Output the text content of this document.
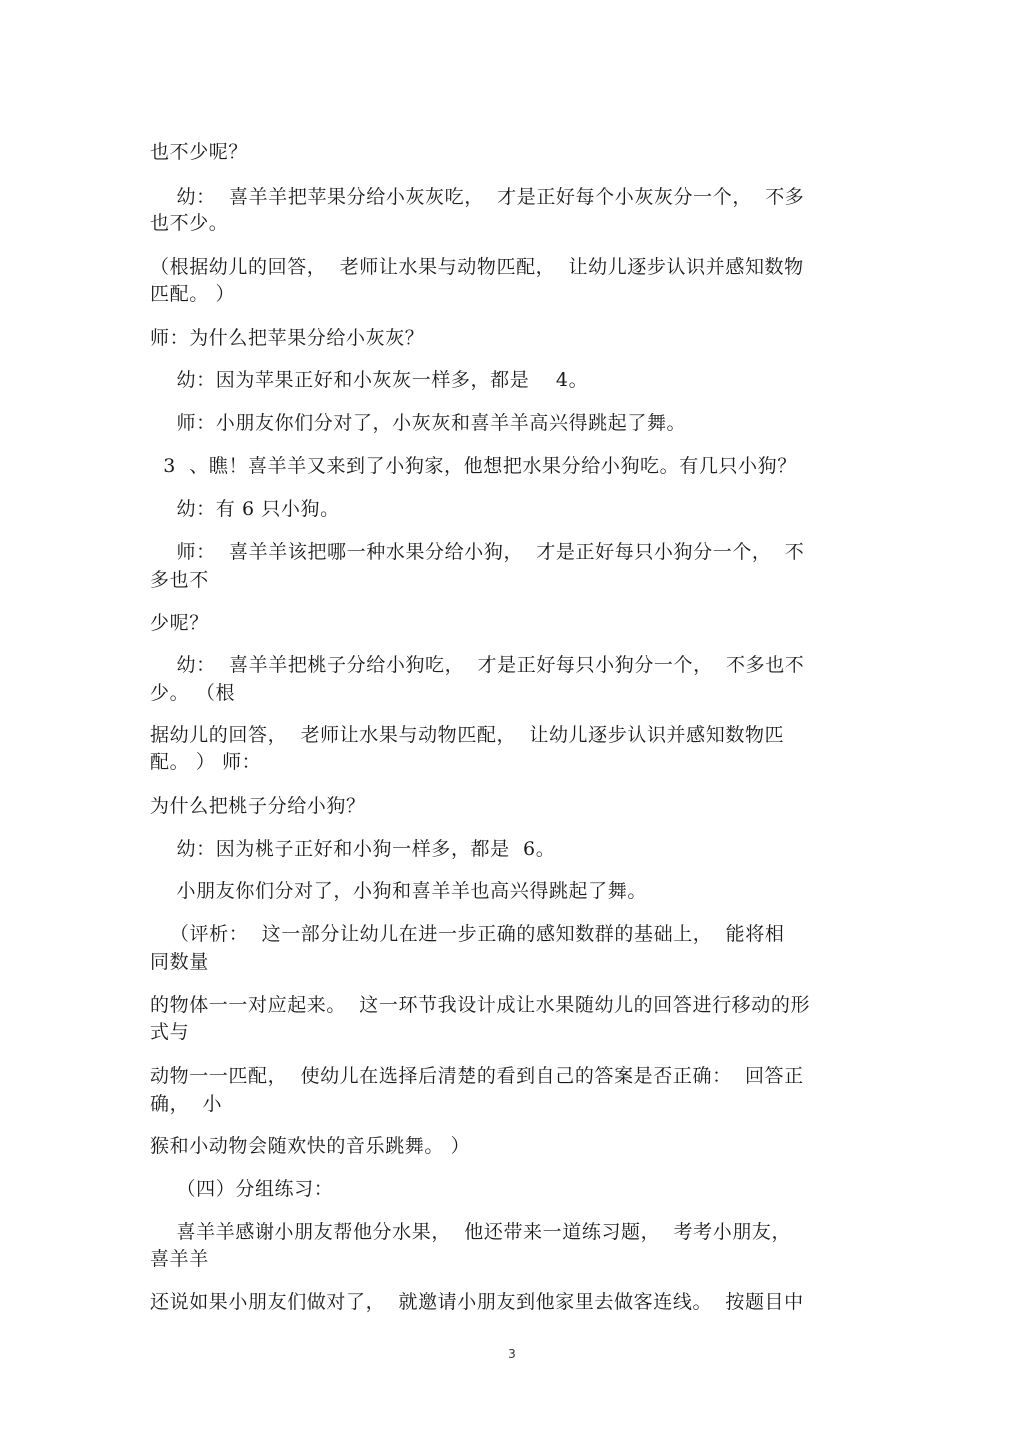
也不少呢？
幼：  喜羊羊把苹果分给小灰灰吃，  才是正好每个小灰灰分一个，  不多
也不少。
（根据幼儿的回答，  老师让水果与动物匹配，  让幼儿逐步认识并感知数物
匹配。 ）
师：为什么把苹果分给小灰灰？
幼：因为苹果正好和小灰灰一样多，都是    4。
师：小朋友你们分对了，小灰灰和喜羊羊高兴得跳起了舞。
3  、瞧！喜羊羊又来到了小狗家，他想把水果分给小狗吃。有几只小狗？
幼：有 6 只小狗。
师：  喜羊羊该把哪一种水果分给小狗，  才是正好每只小狗分一个，  不
多也不
少呢？
幼：  喜羊羊把桃子分给小狗吃，  才是正好每只小狗分一个，  不多也不
少。 （根
据幼儿的回答，  老师让水果与动物匹配，  让幼儿逐步认识并感知数物匹
配。 ） 师：
为什么把桃子分给小狗？
幼：因为桃子正好和小狗一样多，都是  6。
小朋友你们分对了，小狗和喜羊羊也高兴得跳起了舞。
（评析：  这一部分让幼儿在进一步正确的感知数群的基础上，  能将相
同数量
的物体一一对应起来。  这一环节我设计成让水果随幼儿的回答进行移动的形
式与
动物一一匹配，  使幼儿在选择后清楚的看到自己的答案是否正确：  回答正
确，  小
猴和小动物会随欢快的音乐跳舞。 ）
（四）分组练习：
喜羊羊感谢小朋友帮他分水果，  他还带来一道练习题，  考考小朋友，
喜羊羊
还说如果小朋友们做对了，  就邀请小朋友到他家里去做客连线。  按题目中
3
